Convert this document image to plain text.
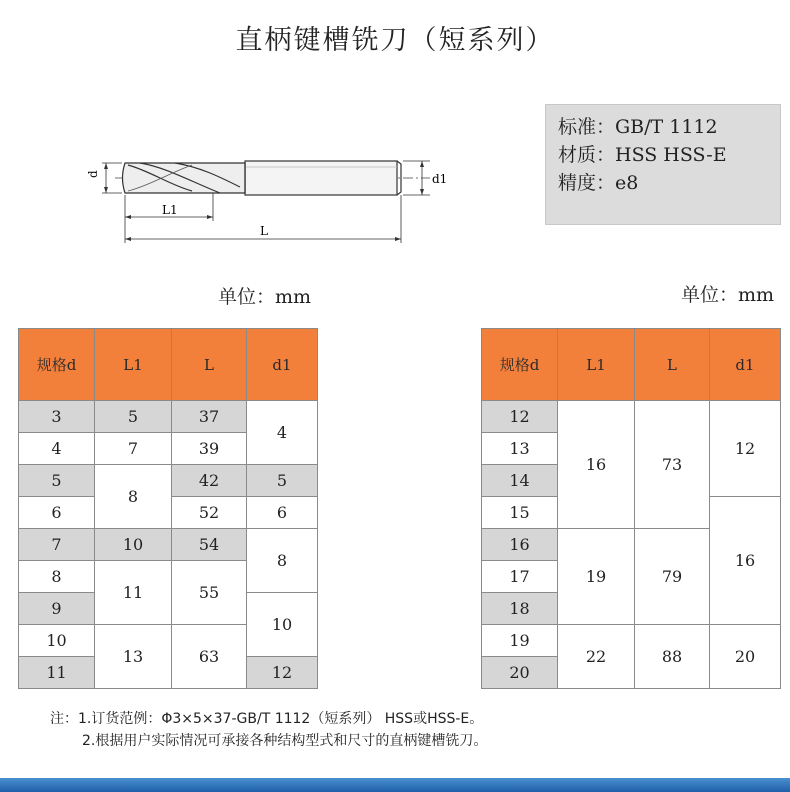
直柄键槽铣刀（短系列）
d	d1
L1
L
标准：GB/T 1112
材质：HSS HSS-E
精度：e8
单位：mm	单位：mm
规格d	L1	L	d1
3	5	37	4
4	7	39	
5	8	42	5
6		52	6
7	10	54	8
8	11	55	
9			10
10	13	63	
11			12
规格d	L1	L	d1
12	16	73	12
13			
14			
15			16
16	19	79	
17			
18			
19	22	88	20
20			
注：1.订货范例：Φ3×5×37-GB/T 1112（短系列） HSS或HSS-E。
2.根据用户实际情况可承接各种结构型式和尺寸的直柄键槽铣刀。
